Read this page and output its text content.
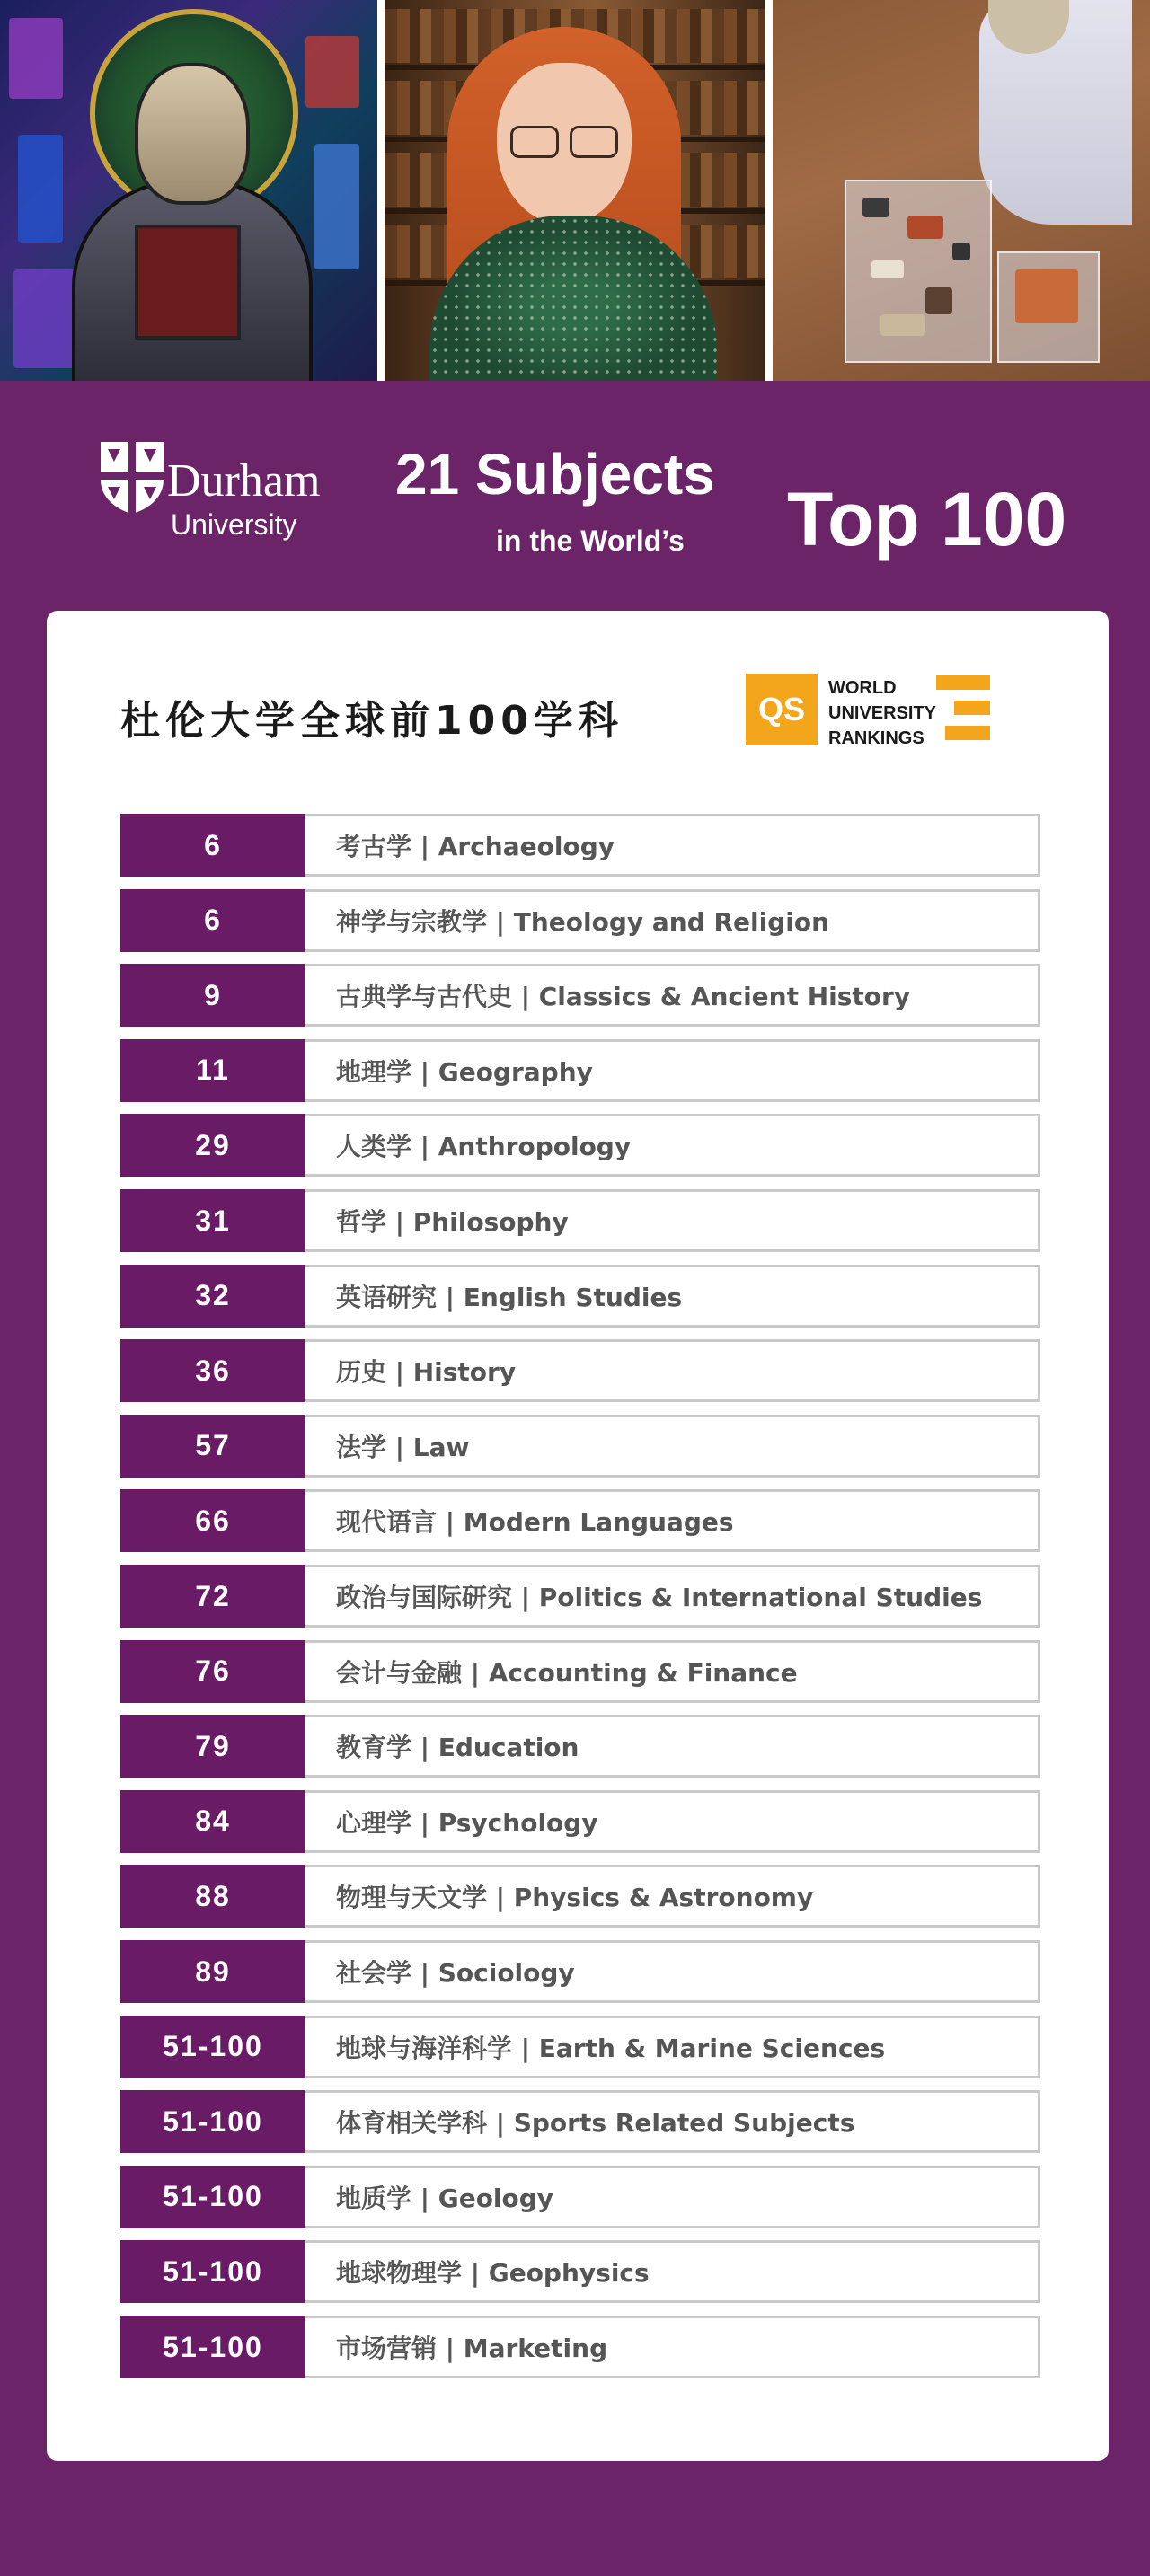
Durham
University
21 Subjects
in the World’s Top 100
杜伦大学全球前100学科	QS
WORLD
UNIVERSITY
RANKINGS
6	考古学 | Archaeology
6	神学与宗教学 | Theology and Religion
9	古典学与古代史 | Classics & Ancient History
11	地理学 | Geography
29	人类学 | Anthropology
31	哲学 | Philosophy
32	英语研究 | English Studies
36	历史 | History
57	法学 | Law
66	现代语言 | Modern Languages
72	政治与国际研究 | Politics & International Studies
76	会计与金融 | Accounting & Finance
79	教育学 | Education
84	心理学 | Psychology
88	物理与天文学 | Physics & Astronomy
89	社会学 | Sociology
51-100	地球与海洋科学 | Earth & Marine Sciences
51-100	体育相关学科 | Sports Related Subjects
51-100	地质学 | Geology
51-100	地球物理学 | Geophysics
51-100	市场营销 | Marketing
